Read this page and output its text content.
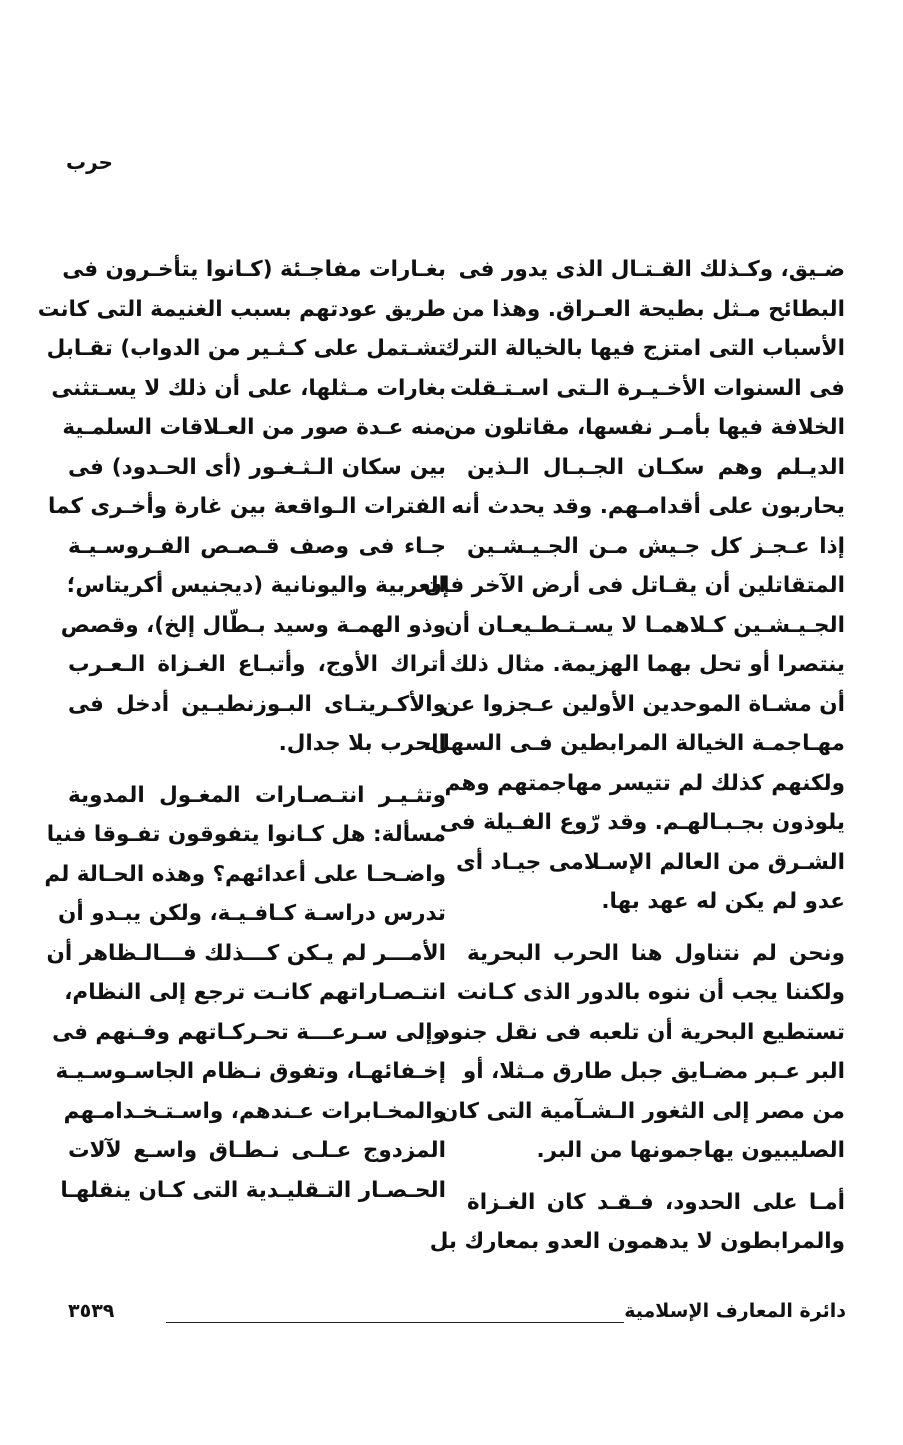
حرب
ضـيق، وكـذلك القـتـال الذى يدور فى
البطائح مـثل بطيحة العـراق. وهذا من
الأسباب التى امتزج فيها بالخيالة الترك
فى السنوات الأخـيـرة الـتى اسـتـقلت
الخلافة فيها بأمـر نفسها، مقاتلون من
الديـلم وهم سكـان الجـبـال الـذين
يحاربون على أقدامـهم. وقد يحدث أنه
إذا عـجـز كل جـيش مـن الجـيـشـين
المتقاتلين أن يقـاتل فى أرض الآخر فإن
الجـيـشـين كـلاهمـا لا يسـتـطـيعـان أن
ينتصرا أو تحل بهما الهزيمة. مثال ذلك
أن مشـاة الموحدين الأولين عـجزوا عن
مهـاجمـة الخيالة المرابطين فـى السهل،
ولكنهم كذلك لم تتيسر مهاجمتهم وهم
يلوذون بجـبـالهـم. وقد رّوع الفـيلة فى
الشـرق من العالم الإسـلامى جيـاد أى
عدو لم يكن له عهد بها.
ونحن لم نتناول هنا الحرب البحرية
ولكننا يجب أن ننوه بالدور الذى كـانت
تستطيع البحرية أن تلعبه فى نقل جنود
البر عـبر مضـايق جبل طارق مـثلا، أو
من مصر إلى الثغور الـشـآمية التى كان
الصليبيون يهاجمونها من البر.
أمـا على الحدود، فـقـد كان الغـزاة
والمرابطون لا يدهمون العدو بمعارك بل
بغـارات مفاجـئة (كـانوا يتأخـرون فى
طريق عودتهم بسبب الغنيمة التى كانت
تشـتمل على كـثـير من الدواب) تقـابل
بغارات مـثلها، على أن ذلك لا يسـتثنى
منه عـدة صور من العـلاقات السلمـية
بين سكان الـثـغـور (أى الحـدود) فى
الفترات الـواقعة بين غارة وأخـرى كما
جـاء فى وصف قـصـص الفـروسـيـة
العربية واليونانية (ديجنيس أكريتاس؛
وذو الهمـة وسيد بـطّال إلخ)، وقصص
أتراك الأوج، وأتبـاع الغـزاة الـعـرب
والأكـريتـاى البـوزنطيـين أدخل فى
الحرب بلا جدال.
وتثـيـر انتـصـارات المغـول المدوية
مسألة: هل كـانوا يتفوقون تفـوقا فنيا
واضـحـا على أعدائهم؟ وهذه الحـالة لم
تدرس دراسـة كـافـيـة، ولكن يبـدو أن
الأمـــر لم يـكن كـــذلك فـــالـظاهر أن
انتـصـاراتهم كانـت ترجع إلى النظام،
وإلى سـرعـــة تحـركـاتهم وفـنهم فى
إخـفائهـا، وتفوق نـظام الجاسـوسـيـة
والمخـابرات عـندهم، واسـتـخـدامـهم
المزدوج عـلـى نـطـاق واسـع لآلات
الحـصـار التـقليـدية التى كـان ينقلهـا
دائرة المعارف الإسلامية
٣٥٣٩
